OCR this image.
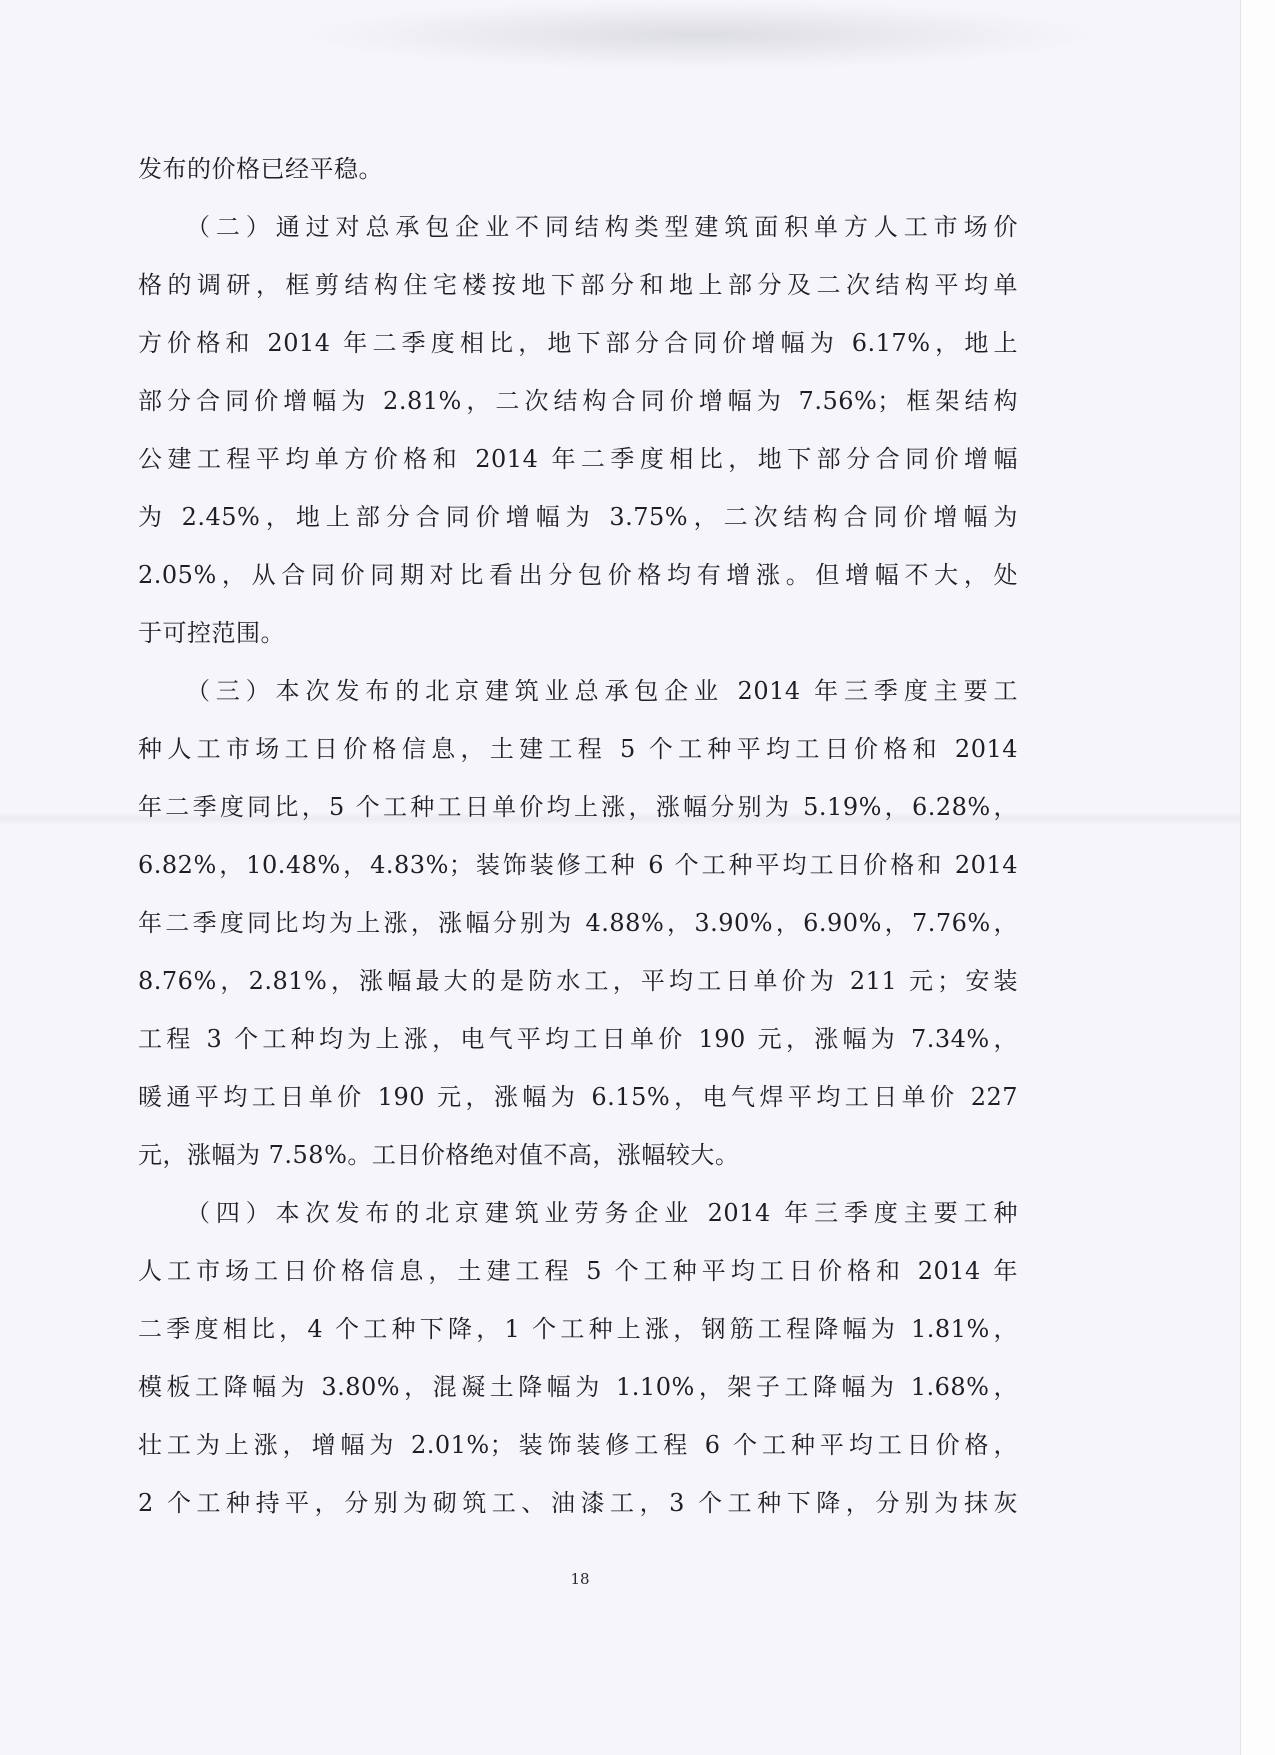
发布的价格已经平稳。
（二）通过对总承包企业不同结构类型建筑面积单方人工市场价
格的调研，框剪结构住宅楼按地下部分和地上部分及二次结构平均单
方价格和 2014 年二季度相比，地下部分合同价增幅为 6.17%，地上
部分合同价增幅为 2.81%，二次结构合同价增幅为 7.56%；框架结构
公建工程平均单方价格和 2014 年二季度相比，地下部分合同价增幅
为 2.45%，地上部分合同价增幅为 3.75%，二次结构合同价增幅为
2.05%，从合同价同期对比看出分包价格均有增涨。但增幅不大，处
于可控范围。
（三）本次发布的北京建筑业总承包企业 2014 年三季度主要工
种人工市场工日价格信息，土建工程 5 个工种平均工日价格和 2014
年二季度同比，5 个工种工日单价均上涨，涨幅分别为 5.19%，6.28%，
6.82%，10.48%，4.83%；装饰装修工种 6 个工种平均工日价格和 2014
年二季度同比均为上涨，涨幅分别为 4.88%，3.90%，6.90%，7.76%，
8.76%，2.81%，涨幅最大的是防水工，平均工日单价为 211 元；安装
工程 3 个工种均为上涨，电气平均工日单价 190 元，涨幅为 7.34%，
暖通平均工日单价 190 元，涨幅为 6.15%，电气焊平均工日单价 227
元，涨幅为 7.58%。工日价格绝对值不高，涨幅较大。
（四）本次发布的北京建筑业劳务企业 2014 年三季度主要工种
人工市场工日价格信息，土建工程 5 个工种平均工日价格和 2014 年
二季度相比，4 个工种下降，1 个工种上涨，钢筋工程降幅为 1.81%，
模板工降幅为 3.80%，混凝土降幅为 1.10%，架子工降幅为 1.68%，
壮工为上涨，增幅为 2.01%；装饰装修工程 6 个工种平均工日价格，
2 个工种持平，分别为砌筑工、油漆工，3 个工种下降，分别为抹灰
18
